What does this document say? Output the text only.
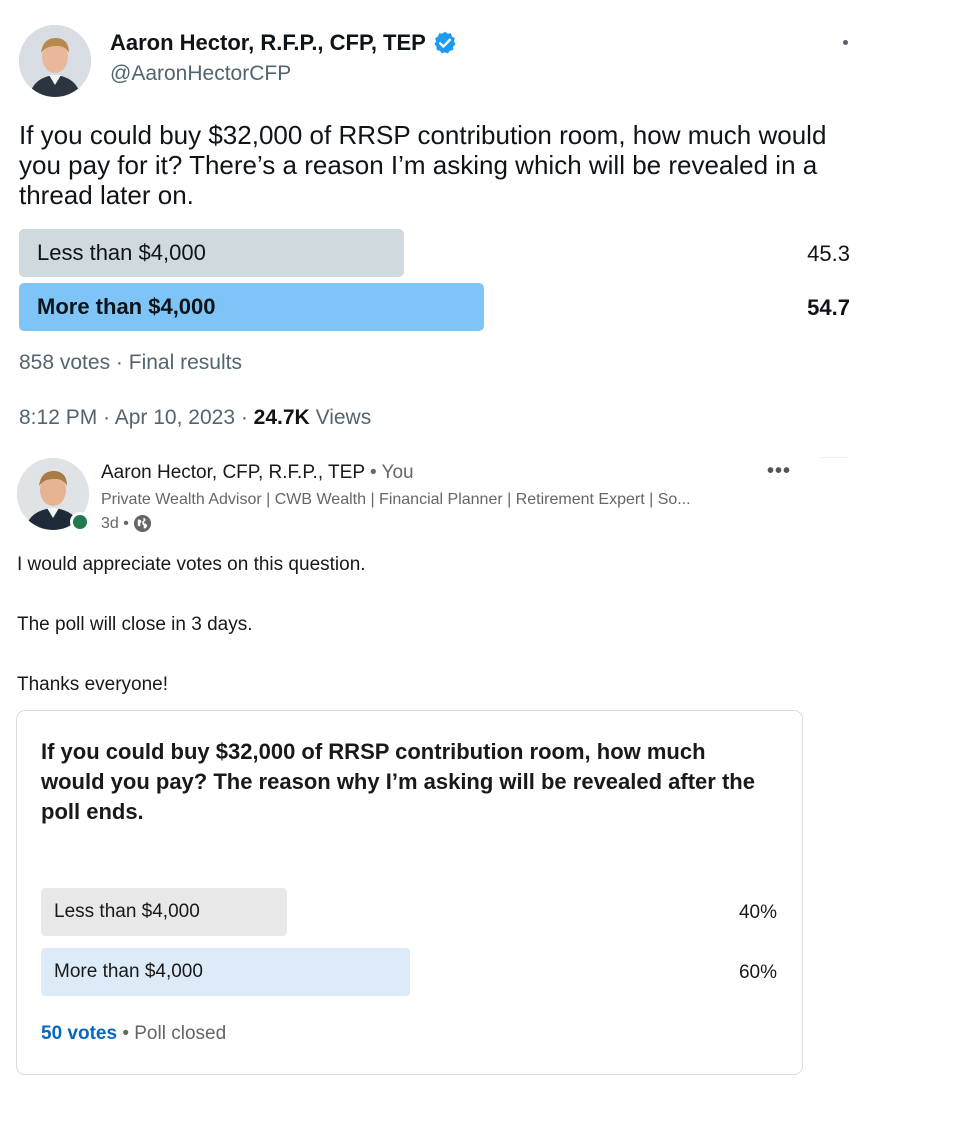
Aaron Hector, R.F.P., CFP, TEP
@AaronHectorCFP
If you could buy $32,000 of RRSP contribution room, how much would you pay for it? There’s a reason I’m asking which will be revealed in a thread later on.
Less than $4,000	45.3
More than $4,000	54.7
858 votes · Final results
8:12 PM · Apr 10, 2023 · 24.7K Views
Aaron Hector, CFP, R.F.P., TEP • You
Private Wealth Advisor | CWB Wealth | Financial Planner | Retirement Expert | So...
3d •
•••
I would appreciate votes on this question.
The poll will close in 3 days.
Thanks everyone!
If you could buy $32,000 of RRSP contribution room, how much would you pay? The reason why I’m asking will be revealed after the poll ends.
Less than $4,000	40%
More than $4,000	60%
50 votes • Poll closed
